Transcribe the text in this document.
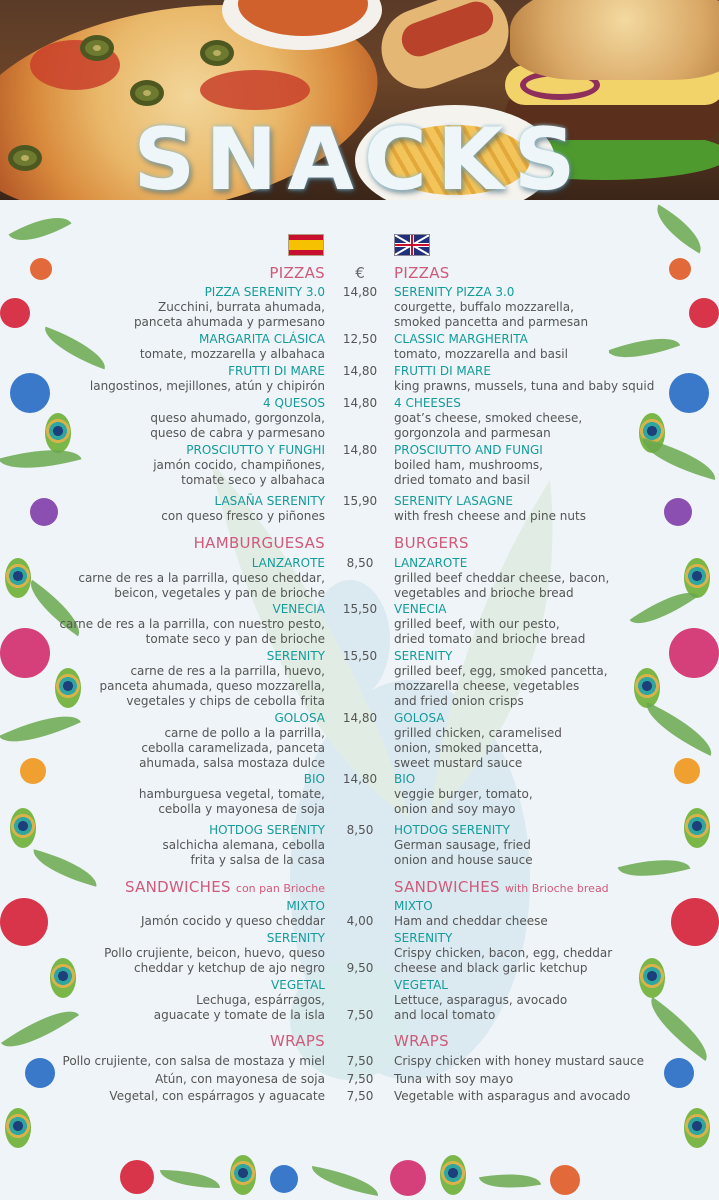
SNACKS
PIZZAS	€	PIZZAS
PIZZA SERENITY 3.0 14,80 SERENITY PIZZA 3.0
Zucchini, burrata ahumada,	courgette, buffalo mozzarella,
panceta ahumada y parmesano	smoked pancetta and parmesan
MARGARITA CLÁSICA 12,50 CLASSIC MARGHERITA
tomate, mozzarella y albahaca	tomato, mozzarella and basil
FRUTTI DI MARE 14,80 FRUTTI DI MARE
langostinos, mejillones, atún y chipirón	king prawns, mussels, tuna and baby squid
4 QUESOS 14,80 4 CHEESES
queso ahumado, gorgonzola,	goat’s cheese, smoked cheese,
queso de cabra y parmesano	gorgonzola and parmesan
PROSCIUTTO Y FUNGHI 14,80 PROSCIUTTO AND FUNGI
jamón cocido, champiñones,	boiled ham, mushrooms,
tomate seco y albahaca	dried tomato and basil
LASAÑA SERENITY 15,90 SERENITY LASAGNE
con queso fresco y piñones	with fresh cheese and pine nuts
HAMBURGUESAS	BURGERS
LANZAROTE	8,50	LANZAROTE
carne de res a la parrilla, queso cheddar,	grilled beef cheddar cheese, bacon,
beicon, vegetales y pan de brioche	vegetables and brioche bread
VENECIA 15,50 VENECIA
carne de res a la parrilla, con nuestro pesto,	grilled beef, with our pesto,
tomate seco y pan de brioche	dried tomato and brioche bread
SERENITY 15,50 SERENITY
carne de res a la parrilla, huevo,	grilled beef, egg, smoked pancetta,
panceta ahumada, queso mozzarella,	mozzarella cheese, vegetables
vegetales y chips de cebolla frita	and fried onion crisps
GOLOSA 14,80 GOLOSA
carne de pollo a la parrilla,	grilled chicken, caramelised
cebolla caramelizada, panceta	onion, smoked pancetta,
ahumada, salsa mostaza dulce	sweet mustard sauce
BIO 14,80 BIO
hamburguesa vegetal, tomate,	veggie burger, tomato,
cebolla y mayonesa de soja	onion and soy mayo
HOTDOG SERENITY	8,50	HOTDOG SERENITY
salchicha alemana, cebolla	German sausage, fried
frita y salsa de la casa	onion and house sauce
SANDWICHES con pan Brioche	SANDWICHES with Brioche bread
MIXTO	MIXTO
Jamón cocido y queso cheddar	4,00	Ham and cheddar cheese
SERENITY	SERENITY
Pollo crujiente, beicon, huevo, queso	Crispy chicken, bacon, egg, cheddar
cheddar y ketchup de ajo negro	9,50	cheese and black garlic ketchup
VEGETAL	VEGETAL
Lechuga, espárragos,	Lettuce, asparagus, avocado
aguacate y tomate de la isla	7,50	and local tomato
WRAPS	WRAPS
Pollo crujiente, con salsa de mostaza y miel	7,50	Crispy chicken with honey mustard sauce
Atún, con mayonesa de soja	7,50	Tuna with soy mayo
Vegetal, con espárragos y aguacate	7,50	Vegetable with asparagus and avocado
